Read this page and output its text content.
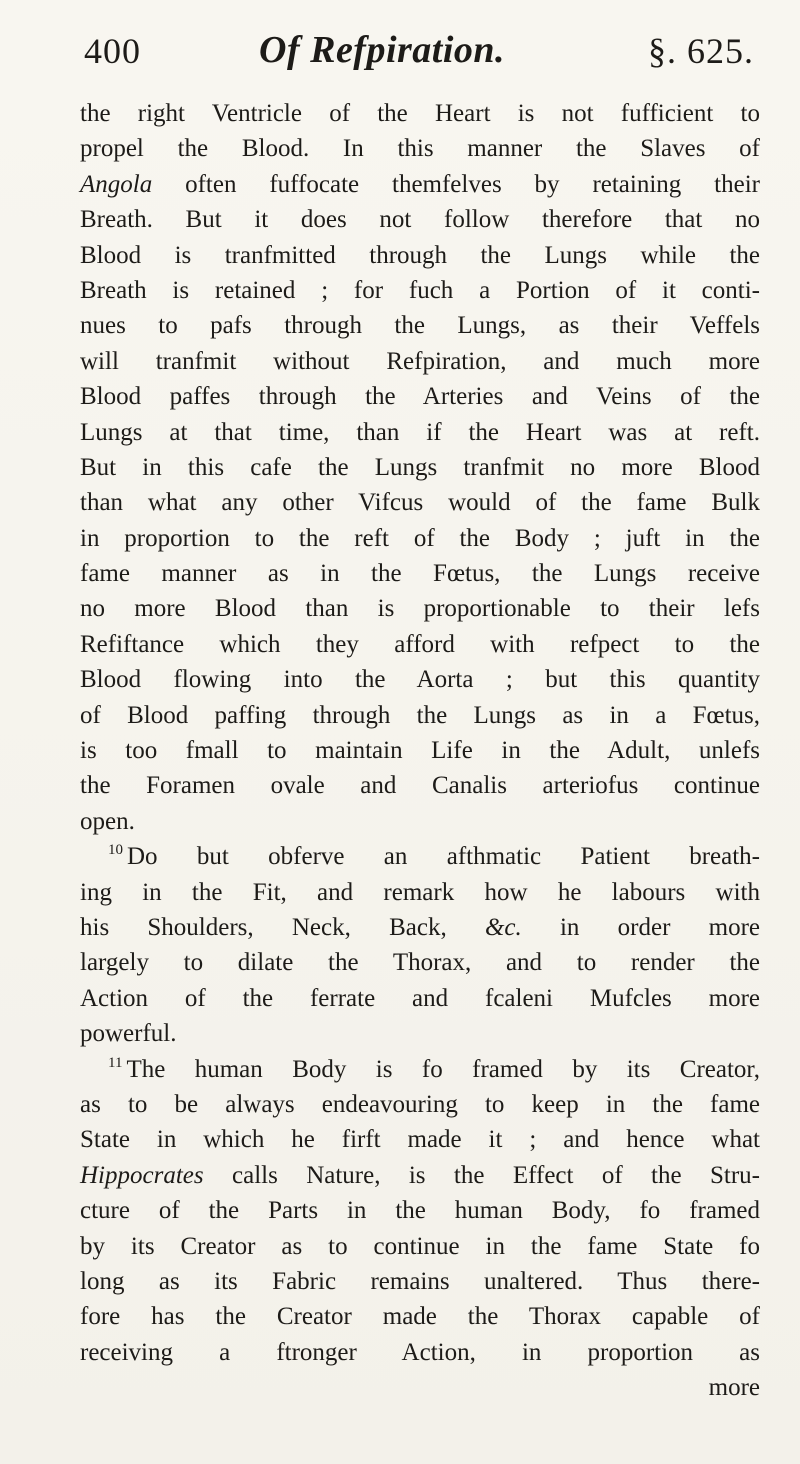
400	Of Refpiration.	§. 625.
the right Ventricle of the Heart is not fufficient to
propel the Blood. In this manner the Slaves of
Angola often fuffocate themfelves by retaining their
Breath. But it does not follow therefore that no
Blood is tranfmitted through the Lungs while the
Breath is retained ; for fuch a Portion of it conti-
nues to pafs through the Lungs, as their Veffels
will tranfmit without Refpiration, and much more
Blood paffes through the Arteries and Veins of the
Lungs at that time, than if the Heart was at reft.
But in this cafe the Lungs tranfmit no more Blood
than what any other Vifcus would of the fame Bulk
in proportion to the reft of the Body ; juft in the
fame manner as in the Fœtus, the Lungs receive
no more Blood than is proportionable to their lefs
Refiftance which they afford with refpect to the
Blood flowing into the Aorta ; but this quantity
of Blood paffing through the Lungs as in a Fœtus,
is too fmall to maintain Life in the Adult, unlefs
the Foramen ovale and Canalis arteriofus continue
open.
$^{10}$ Do but obferve an afthmatic Patient breath-
ing in the Fit, and remark how he labours with
his Shoulders, Neck, Back, &c. in order more
largely to dilate the Thorax, and to render the
Action of the ferrate and fcaleni Mufcles more
powerful.
$^{11}$ The human Body is fo framed by its Creator,
as to be always endeavouring to keep in the fame
State in which he firft made it ; and hence what
Hippocrates calls Nature, is the Effect of the Stru-
cture of the Parts in the human Body, fo framed
by its Creator as to continue in the fame State fo
long as its Fabric remains unaltered. Thus there-
fore has the Creator made the Thorax capable of
receiving a ftronger Action, in proportion as
more
